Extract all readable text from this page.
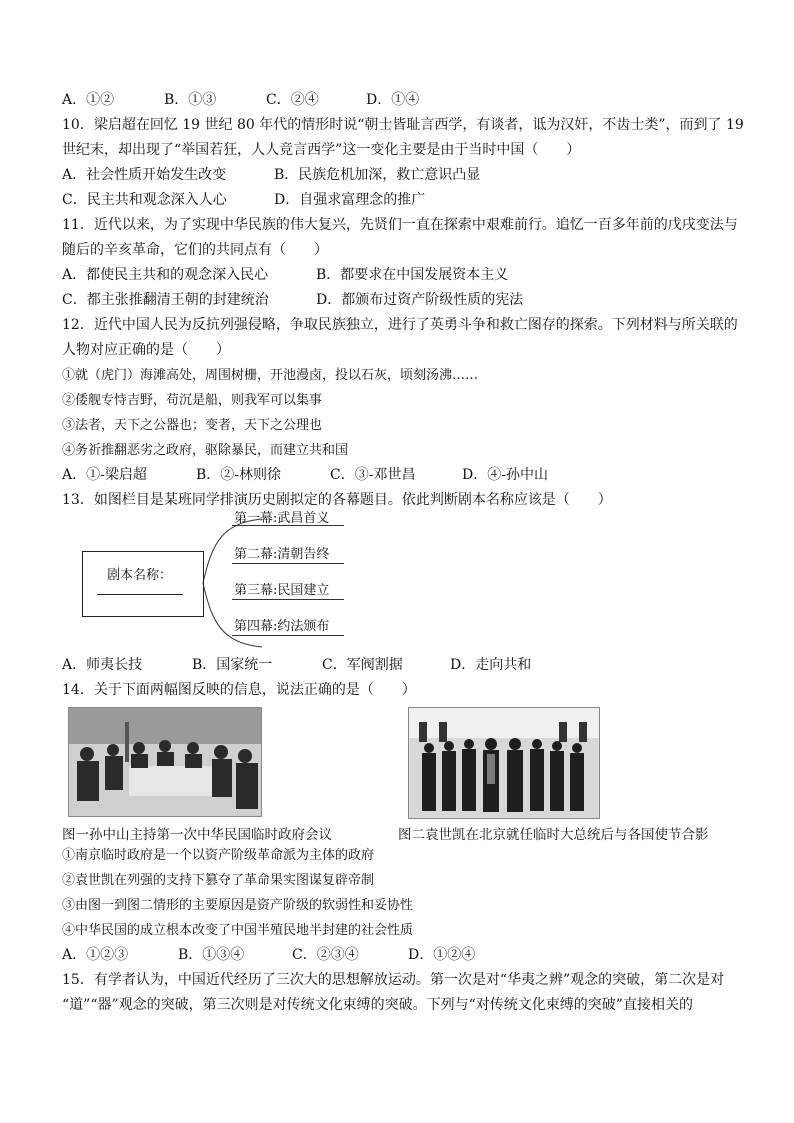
A．①②	B．①③	C．②④	D．①④
10．梁启超在回忆 19 世纪 80 年代的情形时说“朝士皆耻言西学，有谈者，诋为汉奸，不齿士类”，而到了 19
世纪末，却出现了“举国若狂，人人竞言西学”这一变化主要是由于当时中国（　　）
A．社会性质开始发生改变	B．民族危机加深，救亡意识凸显
C．民主共和观念深入人心	D．自强求富理念的推广
11．近代以来，为了实现中华民族的伟大复兴，先贤们一直在探索中艰难前行。追忆一百多年前的戊戌变法与
随后的辛亥革命，它们的共同点有（　　）
A．都使民主共和的观念深入民心	B．都要求在中国发展资本主义
C．都主张推翻清王朝的封建统治	D．都颁布过资产阶级性质的宪法
12．近代中国人民为反抗列强侵略，争取民族独立，进行了英勇斗争和救亡图存的探索。下列材料与所关联的
人物对应正确的是（　　）
①就（虎门）海滩高处，周围树栅，开池漫卤，投以石灰，顷刻汤沸……
②倭舰专恃吉野，苟沉是船，则我军可以集事
③法者，天下之公器也；变者，天下之公理也
④务祈推翻恶劣之政府，驱除暴民，而建立共和国
A．①-梁启超	B．②-林则徐	C．③-邓世昌	D．④-孙中山
13．如图栏目是某班同学排演历史剧拟定的各幕题目。依此判断剧本名称应该是（　　）
剧本名称：
第一幕:武昌首义
第二幕:清朝告终
第三幕:民国建立
第四幕:约法颁布
A．师夷长技	B．国家统一	C．军阀割据	D．走向共和
14．关于下面两幅图反映的信息，说法正确的是（　　）
图一孙中山主持第一次中华民国临时政府会议	图二袁世凯在北京就任临时大总统后与各国使节合影
①南京临时政府是一个以资产阶级革命派为主体的政府
②袁世凯在列强的支持下篡夺了革命果实图谋复辟帝制
③由图一到图二情形的主要原因是资产阶级的软弱性和妥协性
④中华民国的成立根本改变了中国半殖民地半封建的社会性质
A．①②③	B．①③④	C．②③④	D．①②④
15．有学者认为，中国近代经历了三次大的思想解放运动。第一次是对“华夷之辨”观念的突破，第二次是对
“道”“器”观念的突破，第三次则是对传统文化束缚的突破。下列与“对传统文化束缚的突破”直接相关的
